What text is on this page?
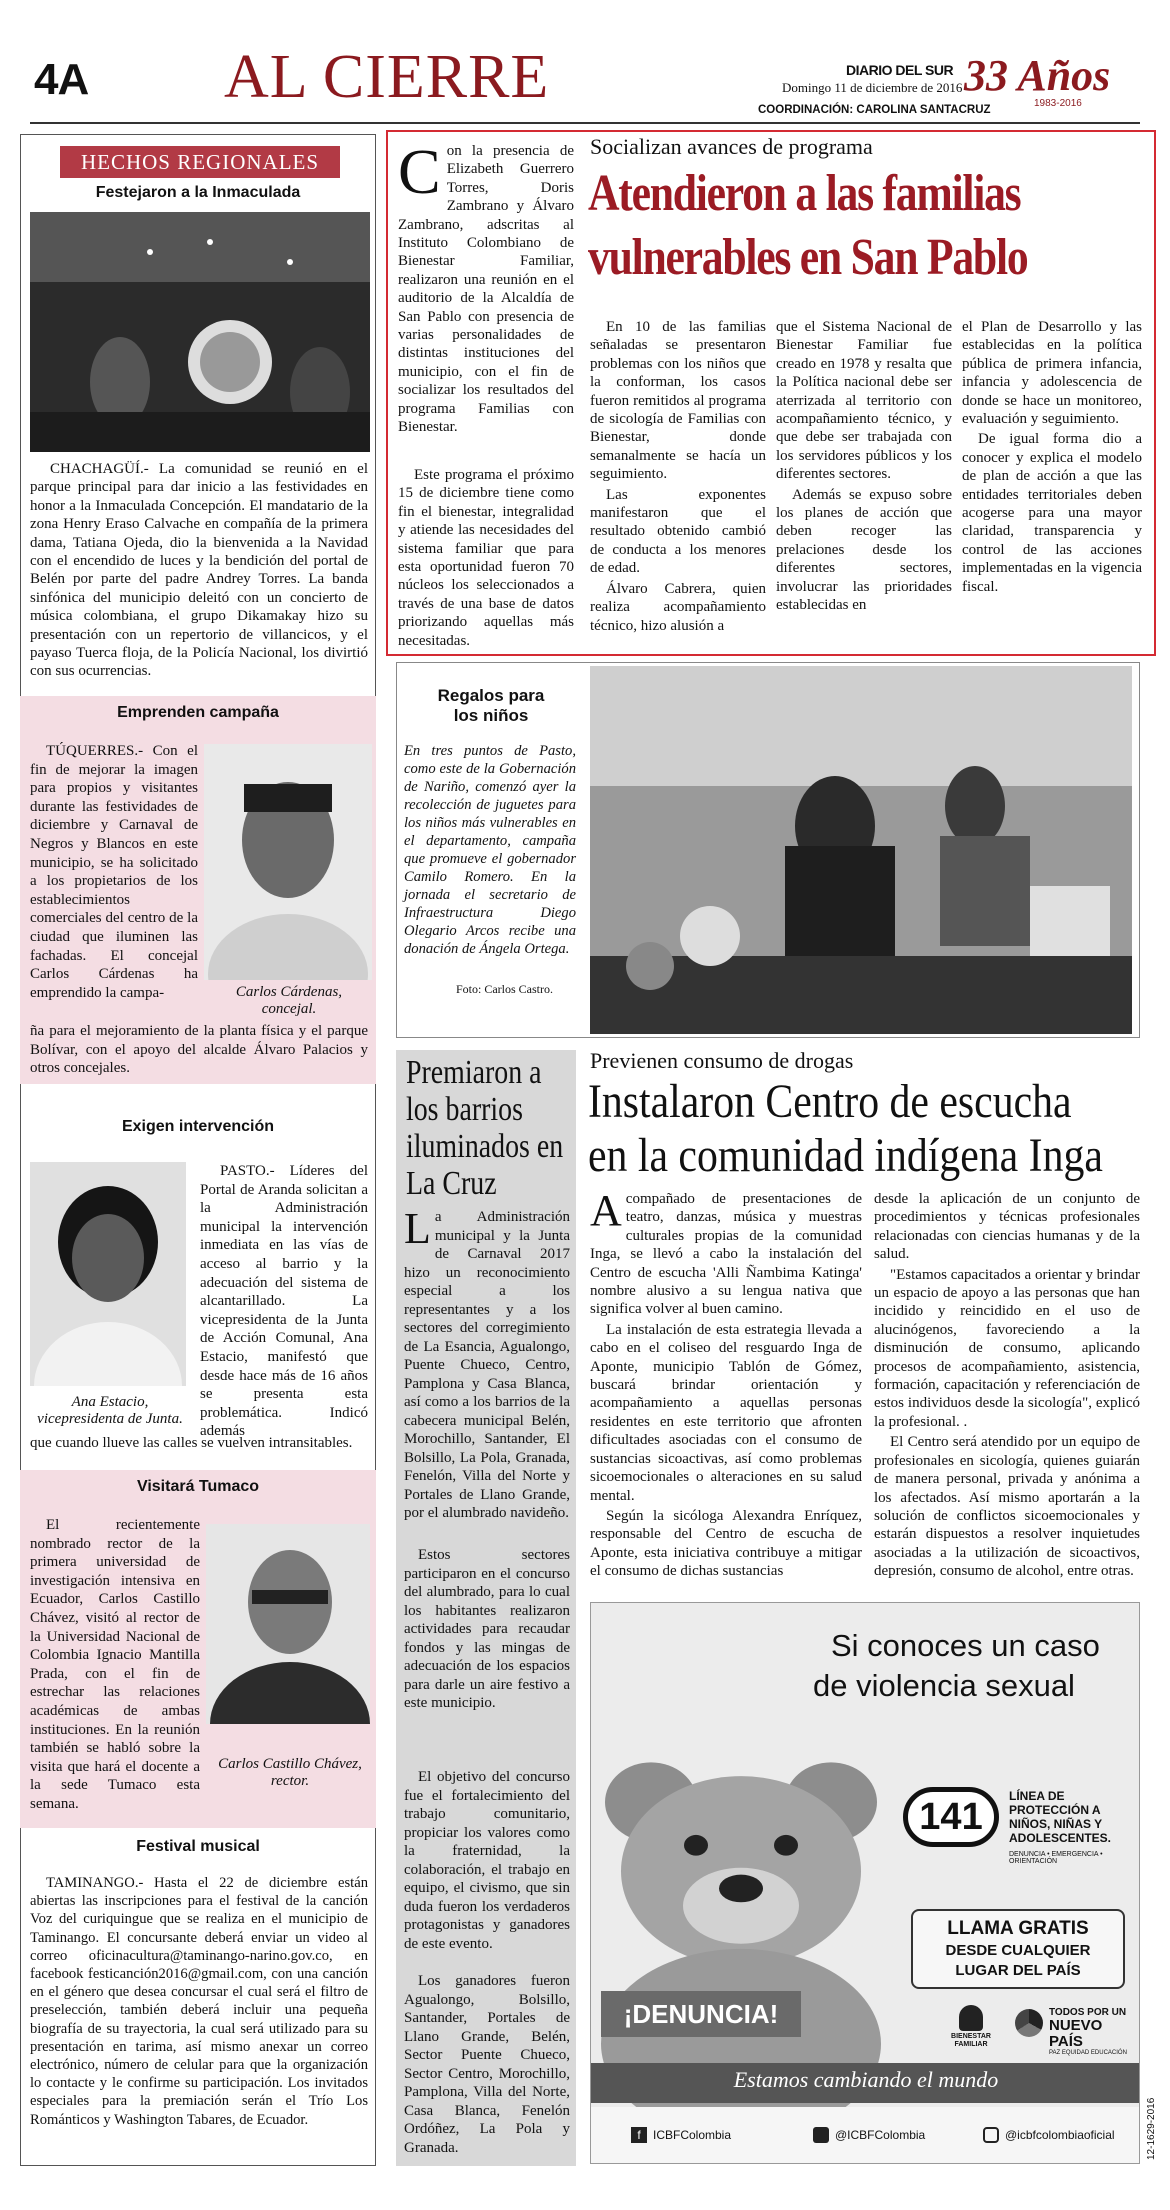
4A AL CIERRE	DIARIO DEL SUR
Domingo 11 de diciembre de 2016
COORDINACIÓN: CAROLINA SANTACRUZ
33 Años
1983-2016
HECHOS REGIONALES
Festejaron a la Inmaculada

CHACHAGÜÍ.- La comunidad se reunió en el parque principal para dar inicio a las festividades en honor a la Inmaculada Concepción. El mandatario de la zona Henry Eraso Calvache en compañía de la primera dama, Tatiana Ojeda, dio la bienvenida a la Navidad con el encendido de luces y la bendición del portal de Belén por parte del padre Andrey Torres. La banda sinfónica del municipio deleitó con un concierto de música colombiana, el grupo Dikamakay hizo su presentación con un repertorio de villancicos, y el payaso Tuerca floja, de la Policía Nacional, los divirtió con sus ocurrencias.

Emprenden campaña

TÚQUERRES.- Con el fin de mejorar la imagen para propios y visitantes durante las festividades de diciembre y Carnaval de Negros y Blancos en este municipio, se ha solicitado a los propietarios de los establecimientos comerciales del centro de la ciudad que iluminen las fachadas. El concejal Carlos Cárdenas ha emprendido la campa-	Carlos Cárdenas, concejal.

ña para el mejoramiento de la planta física y el parque Bolívar, con el apoyo del alcalde Álvaro Palacios y otros concejales.

Exigen intervención

PASTO.- Líderes del Portal de Aranda solicitan a la Administración municipal la intervención inmediata en las vías de acceso al barrio y la adecuación del sistema de alcantarillado. La vicepresidenta de la Junta de Acción Comunal, Ana Estacio, manifestó que desde hace más de 16 años se presenta esta problemática. Indicó además

Ana Estacio, vicepresidenta de Junta.

que cuando llueve las calles se vuelven intransitables.

Visitará Tumaco

El recientemente nombrado rector de la primera universidad de investigación intensiva en Ecuador, Carlos Castillo Chávez, visitó al rector de la Universidad Nacional de Colombia Ignacio Mantilla Prada, con el fin de estrechar las relaciones académicas de ambas instituciones. En la reunión también se habló sobre la visita que hará el docente a la sede Tumaco esta semana.

Carlos Castillo Chávez, rector.
Festival musical

TAMINANGO.- Hasta el 22 de diciembre están abiertas las inscripciones para el festival de la canción Voz del curiquingue que se realiza en el municipio de Taminango. El concursante deberá enviar un video al correo oficinacultura@taminango-narino.gov.co, en facebook festicanción2016@gmail.com, con una canción en el género que desea concursar el cual será el filtro de preselección, también deberá incluir una pequeña biografía de su trayectoria, la cual será utilizado para su presentación en tarima, así mismo anexar un correo electrónico, número de celular para que la organización lo contacte y le confirme su participación. Los invitados especiales para la premiación serán el Trío Los Románticos y Washington Tabares, de Ecuador.

Con la presencia de Elizabeth Guerrero Torres, Doris Zambrano y Álvaro Zambrano, adscritas al Instituto Colombiano de Bienestar Familiar, realizaron una reunión en el auditorio de la Alcaldía de San Pablo con presencia de varias personalidades de distintas instituciones del municipio, con el fin de socializar los resultados del programa Familias con Bienestar.

Este programa el próximo 15 de diciembre tiene como fin el bienestar, integralidad y atiende las necesidades del sistema familiar que para esta oportunidad fueron 70 núcleos los seleccionados a través de una base de datos priorizando aquellas más necesitadas.

Socializan avances de programa
Atendieron a las familias
vulnerables en San Pablo

En 10 de las familias señaladas se presentaron problemas con los niños que la conforman, los casos fueron remitidos al programa de sicología de Familias con Bienestar, donde semanalmente se hacía un seguimiento.

Las exponentes manifestaron que el resultado obtenido cambió de conducta a los menores de edad.

Álvaro Cabrera, quien realiza acompañamiento técnico, hizo alusión a

que el Sistema Nacional de Bienestar Familiar fue creado en 1978 y resalta que la Política nacional debe ser aterrizada al territorio con acompañamiento técnico, y que debe ser trabajada con los servidores públicos y los diferentes sectores.

Además se expuso sobre los planes de acción que deben recoger las prelaciones desde los diferentes sectores, involucrar las prioridades establecidas en

el Plan de Desarrollo y las establecidas en la política pública de primera infancia, infancia y adolescencia de donde se hace un monitoreo, evaluación y seguimiento.

De igual forma dio a conocer y explica el modelo de plan de acción a que las entidades territoriales deben acogerse para una mayor claridad, transparencia y control de las acciones implementadas en la vigencia fiscal.

Regalos para los niños

En tres puntos de Pasto, como este de la Gobernación de Nariño, comenzó ayer la recolección de juguetes para los niños más vulnerables en el departamento, campaña que promueve el gobernador Camilo Romero. En la jornada el secretario de Infraestructura Diego Olegario Arcos recibe una donación de Ángela Ortega.

Foto: Carlos Castro.
Premiaron a los barrios iluminados en La Cruz

La Administración municipal y la Junta de Carnaval 2017 hizo un reconocimiento especial a los representantes y a los sectores del corregimiento de La Esancia, Agualongo, Puente Chueco, Centro, Pamplona y Casa Blanca, así como a los barrios de la cabecera municipal Belén, Morochillo, Santander, El Bolsillo, La Pola, Granada, Fenelón, Villa del Norte y Portales de Llano Grande, por el alumbrado navideño.

Estos sectores participaron en el concurso del alumbrado, para lo cual los habitantes realizaron actividades para recaudar fondos y las mingas de adecuación de los espacios para darle un aire festivo a este municipio.

El objetivo del concurso fue el fortalecimiento del trabajo comunitario, propiciar los valores como la fraternidad, la colaboración, el trabajo en equipo, el civismo, que sin duda fueron los verdaderos protagonistas y ganadores de este evento.

Los ganadores fueron Agualongo, Bolsillo, Santander, Portales de Llano Grande, Belén, Sector Puente Chueco, Sector Centro, Morochillo, Pamplona, Villa del Norte, Casa Blanca, Fenelón Ordóñez, La Pola y Granada.

Previenen consumo de drogas
Instalaron Centro de escucha
en la comunidad indígena Inga

Acompañado de presentaciones de teatro, danzas, música y muestras culturales propias de la comunidad Inga, se llevó a cabo la instalación del Centro de escucha 'Alli Ñambima Katinga' nombre alusivo a su lengua nativa que significa volver al buen camino.

La instalación de esta estrategia llevada a cabo en el coliseo del resguardo Inga de Aponte, municipio Tablón de Gómez, buscará brindar orientación y acompañamiento a aquellas personas residentes en este territorio que afronten dificultades asociadas con el consumo de sustancias sicoactivas, así como problemas sicoemocionales o alteraciones en su salud mental.

Según la sicóloga Alexandra Enríquez, responsable del Centro de escucha de Aponte, esta iniciativa contribuye a mitigar el consumo de dichas sustancias

desde la aplicación de un conjunto de procedimientos y técnicas profesionales relacionadas con ciencias humanas y de la salud.

"Estamos capacitados a orientar y brindar un espacio de apoyo a las personas que han incidido y reincidido en el uso de alucinógenos, favoreciendo a la disminución de consumo, aplicando procesos de acompañamiento, asistencia, formación, capacitación y referenciación de estos individuos desde la sicología", explicó la profesional. .

El Centro será atendido por un equipo de profesionales en sicología, quienes guiarán de manera personal, privada y anónima a los afectados. Así mismo aportarán a la solución de conflictos sicoemocionales y estarán dispuestos a resolver inquietudes asociadas a la utilización de sicoactivos, depresión, consumo de alcohol, entre otras.

Si conoces un caso
de violencia sexual
141	LÍNEA DE PROTECCIÓN A NIÑOS, NIÑAS Y ADOLESCENTES.
DENUNCIA • EMERGENCIA • ORIENTACIÓN
LLAMA GRATIS
DESDE CUALQUIER
LUGAR DEL PAÍS
¡DENUNCIA!
BIENESTAR FAMILIAR
TODOS POR UN
NUEVO PAÍS
PAZ EQUIDAD EDUCACIÓN
Estamos cambiando el mundo
f	ICBFColombia	@ICBFColombia	@icbfcolombiaoficial	12-1629-2016
